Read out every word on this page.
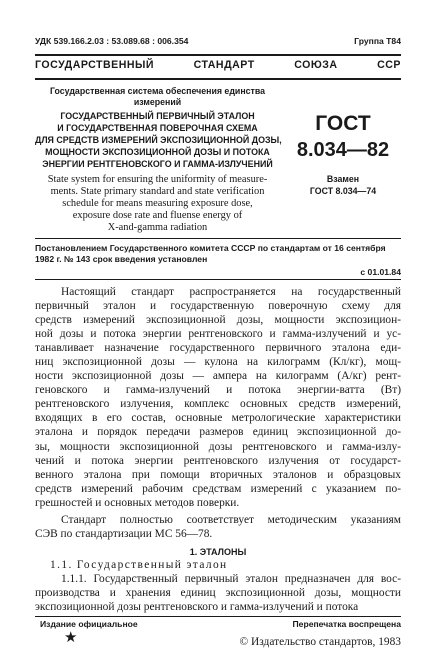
УДК 539.166.2.03 : 53.089.68 : 006.354	Группа Т84
ГОСУДАРСТВЕННЫЙ СТАНДАРТ СОЮЗА ССР
Государственная система обеспечения единства
измерений
ГОСУДАРСТВЕННЫЙ ПЕРВИЧНЫЙ ЭТАЛОН
И ГОСУДАРСТВЕННАЯ ПОВЕРОЧНАЯ СХЕМА
ДЛЯ СРЕДСТВ ИЗМЕРЕНИЙ ЭКСПОЗИЦИОННОЙ ДОЗЫ,
МОЩНОСТИ ЭКСПОЗИЦИОННОЙ ДОЗЫ И ПОТОКА
ЭНЕРГИИ РЕНТГЕНОВСКОГО И ГАММА-ИЗЛУЧЕНИЙ
State system for ensuring the uniformity of measure-
ments. State primary standard and state verification
schedule for means measuring exposure dose,
exposure dose rate and fluense energy of
X-and-gamma radiation
ГОСТ
8.034—82
Взамен
ГОСТ 8.034—74
Постановлением Государственного комитета СССР по стандартам от 16 сентября
1982 г. № 143 срок введения установлен
с 01.01.84
Настоящий стандарт распространяется на государственный
первичный эталон и государственную поверочную схему для
средств измерений экспозиционной дозы, мощности экспозицион-
ной дозы и потока энергии рентгеновского и гамма-излучений и ус-
танавливает назначение государственного первичного эталона еди-
ниц экспозиционной дозы — кулона на килограмм (Кл/кг), мощ-
ности экспозиционной дозы — ампера на килограмм (А/кг) рент-
геновского и гамма-излучений и потока энергии-ватта (Вт)
рентгеновского излучения, комплекс основных средств измерений,
входящих в его состав, основные метрологические характеристики
эталона и порядок передачи размеров единиц экспозиционной до-
зы, мощности экспозиционной дозы рентгеновского и гамма-излу-
чений и потока энергии рентгеновского излучения от государст-
венного эталона при помощи вторичных эталонов и образцовых
средств измерений рабочим средствам измерений с указанием по-
грешностей и основных методов поверки.
Стандарт полностью соответствует методическим указаниям
СЭВ по стандартизации МС 56—78.
1. ЭТАЛОНЫ
1.1. Государственный эталон
1.1.1. Государственный первичный эталон предназначен для вос-
производства и хранения единиц экспозиционной дозы, мощности
экспозиционной дозы рентгеновского и гамма-излучений и потока
Издание официальное	Перепечатка воспрещена
★	© Издательство стандартов, 1983
